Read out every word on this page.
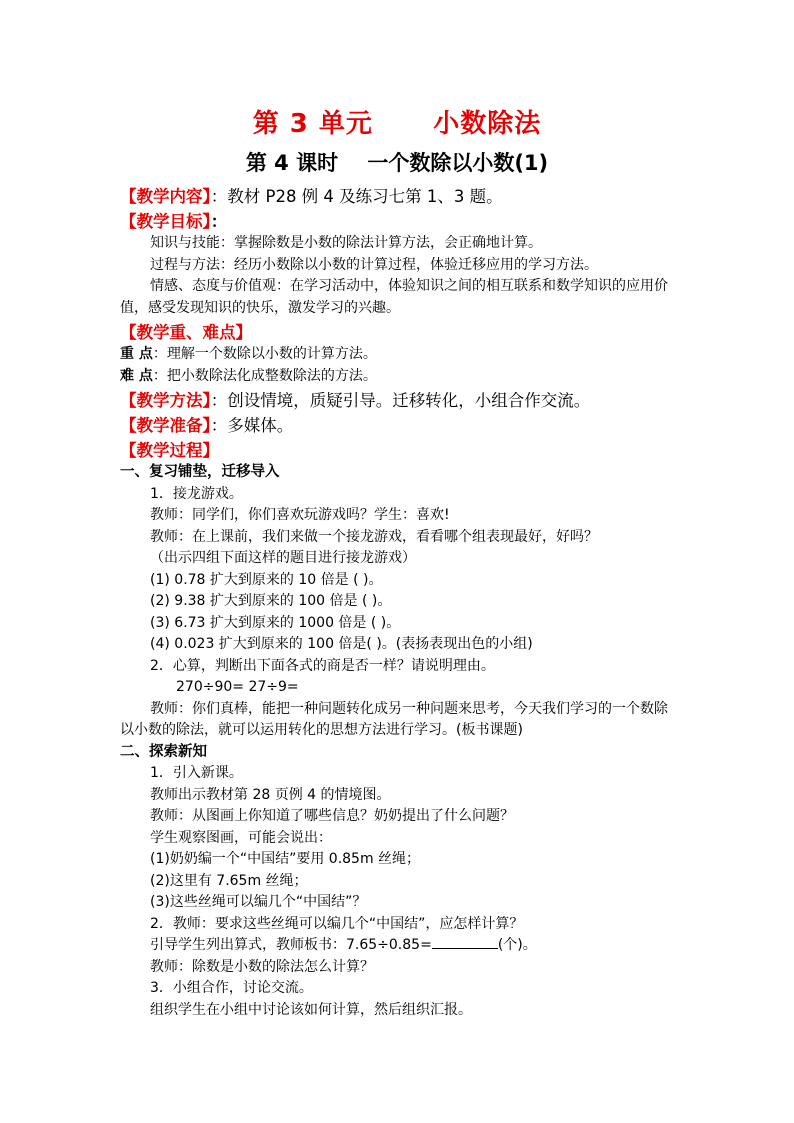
第 3 单元      小数除法
第 4 课时    一个数除以小数(1)
【教学内容】：教材 P28 例 4 及练习七第 1、3 题。
【教学目标】：
知识与技能：掌握除数是小数的除法计算方法，会正确地计算。
过程与方法：经历小数除以小数的计算过程，体验迁移应用的学习方法。
情感、态度与价值观：在学习活动中，体验知识之间的相互联系和数学知识的应用价值，感受发现知识的快乐，激发学习的兴趣。
【教学重、难点】
重 点：理解一个数除以小数的计算方法。
难 点：把小数除法化成整数除法的方法。
【教学方法】：创设情境，质疑引导。迁移转化，小组合作交流。
【教学准备】：多媒体。
【教学过程】
一、复习铺垫，迁移导入
1．接龙游戏。
教师：同学们，你们喜欢玩游戏吗？学生：喜欢!
教师：在上课前，我们来做一个接龙游戏，看看哪个组表现最好，好吗？
（出示四组下面这样的题目进行接龙游戏）
(1) 0.78 扩大到原来的 10 倍是 ( )。
(2) 9.38 扩大到原来的 100 倍是 ( )。
(3) 6.73 扩大到原来的 1000 倍是 ( )。
(4) 0.023 扩大到原来的 100 倍是( )。(表扬表现出色的小组)
2．心算，判断出下面各式的商是否一样？请说明理由。
270÷90= 27÷9=
教师：你们真棒，能把一种问题转化成另一种问题来思考，今天我们学习的一个数除以小数的除法，就可以运用转化的思想方法进行学习。(板书课题)
二、探索新知
1．引入新课。
教师出示教材第 28 页例 4 的情境图。
教师：从图画上你知道了哪些信息？奶奶提出了什么问题？
学生观察图画，可能会说出：
(1)奶奶编一个“中国结”要用 0.85m 丝绳；
(2)这里有 7.65m 丝绳；
(3)这些丝绳可以编几个“中国结”？
2．教师：要求这些丝绳可以编几个“中国结”，应怎样计算？
引导学生列出算式，教师板书：7.65÷0.85=	(个)。
教师：除数是小数的除法怎么计算？
3．小组合作，讨论交流。
组织学生在小组中讨论该如何计算，然后组织汇报。
